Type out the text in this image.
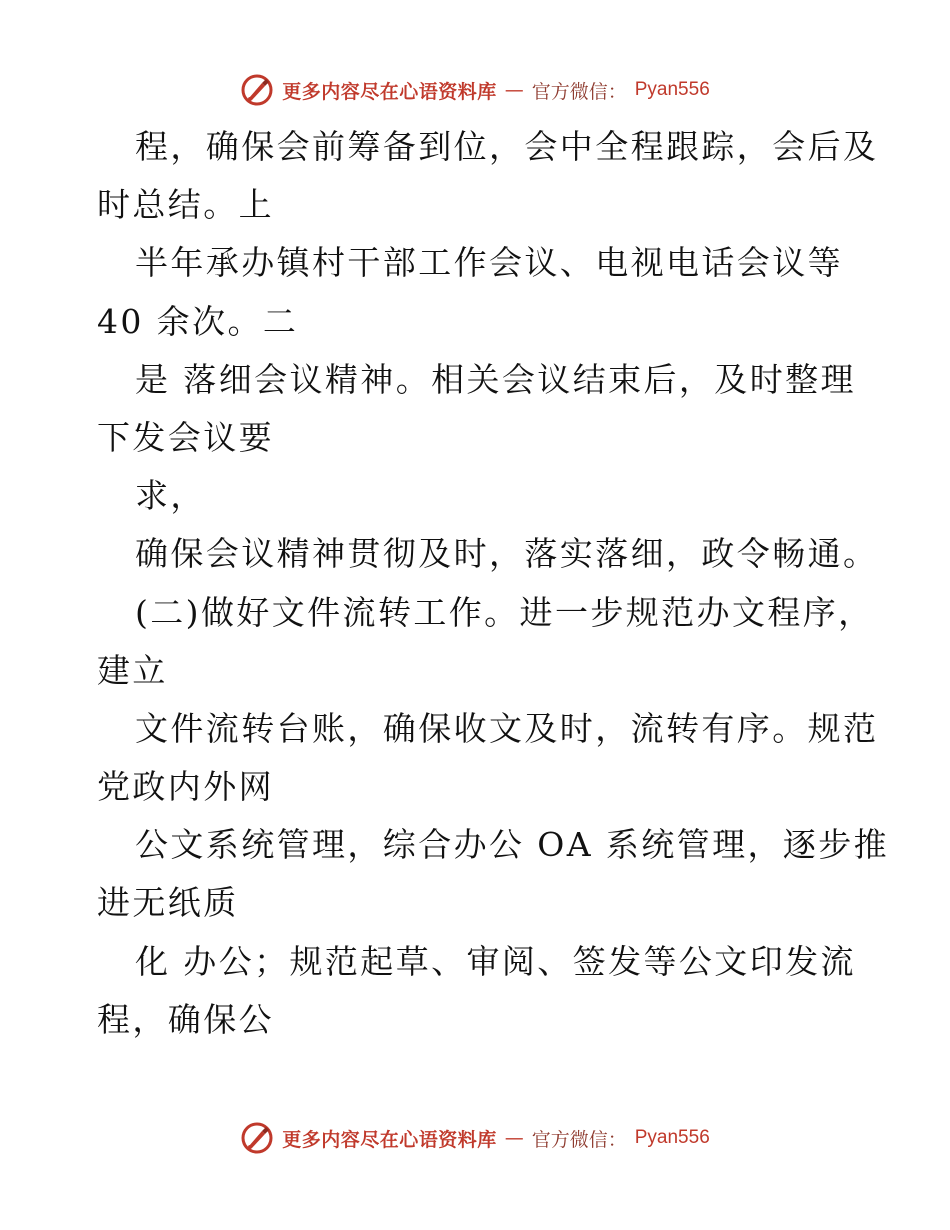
更多内容尽在心语资料库 — 官方微信： Pyan556
程，确保会前筹备到位，会中全程跟踪，会后及
时总结。上
半年承办镇村干部工作会议、电视电话会议等
40 余次。二
是 落细会议精神。相关会议结束后，及时整理
下发会议要
求，
确保会议精神贯彻及时，落实落细，政令畅通。
(二)做好文件流转工作。进一步规范办文程序，
建立
文件流转台账，确保收文及时，流转有序。规范
党政内外网
公文系统管理，综合办公 OA 系统管理，逐步推
进无纸质
化 办公；规范起草、审阅、签发等公文印发流
程，确保公
更多内容尽在心语资料库 — 官方微信： Pyan556
